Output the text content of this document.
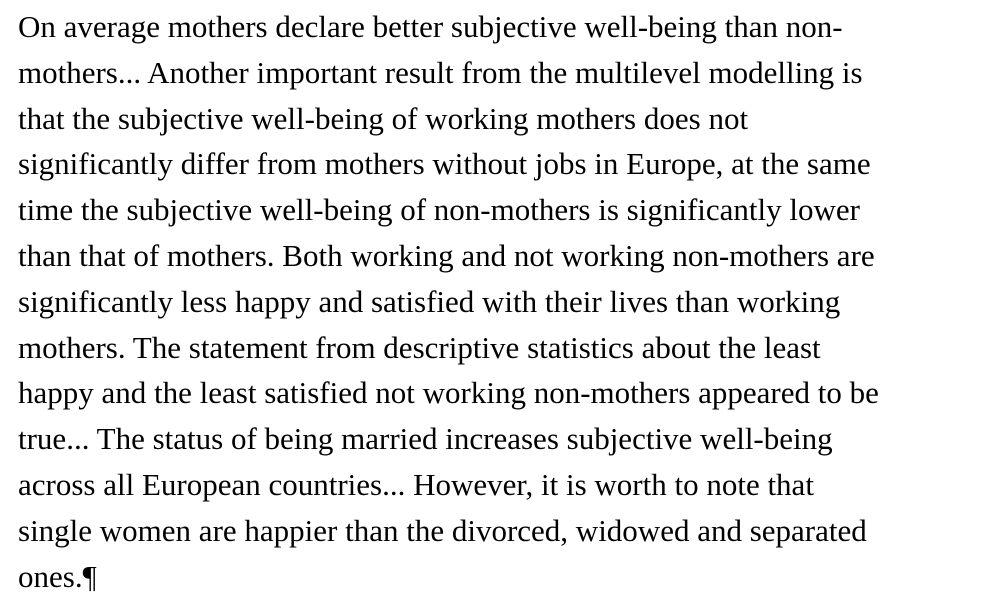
On average mothers declare better subjective well-being than non-
mothers... Another important result from the multilevel modelling is
that the subjective well-being of working mothers does not
significantly differ from mothers without jobs in Europe, at the same
time the subjective well-being of non-mothers is significantly lower
than that of mothers. Both working and not working non-mothers are
significantly less happy and satisfied with their lives than working
mothers. The statement from descriptive statistics about the least
happy and the least satisfied not working non-mothers appeared to be
true... The status of being married increases subjective well-being
across all European countries... However, it is worth to note that
single women are happier than the divorced, widowed and separated
ones.¶
